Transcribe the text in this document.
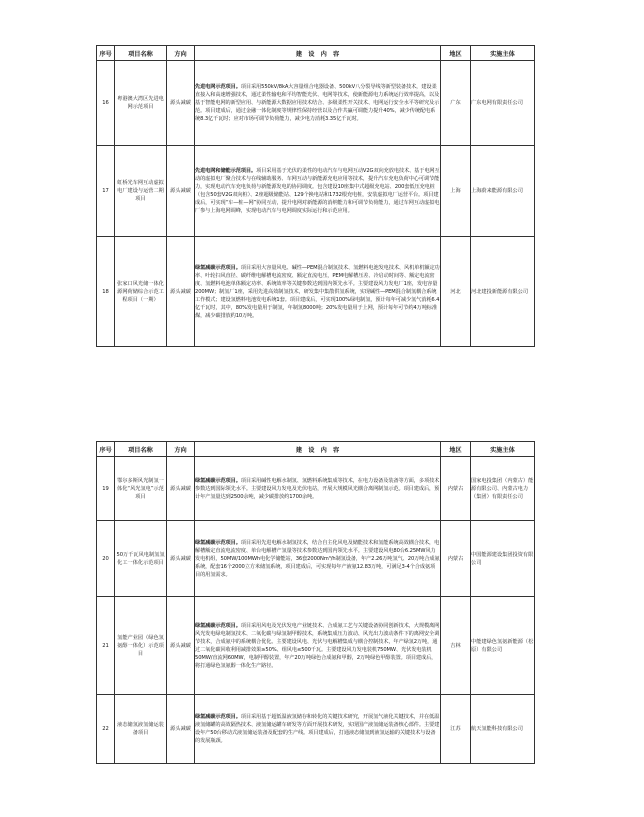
序号	项目名称	方向	建　设　内　容	地区	实施主体
16	粤港澳大湾区先进电网示范项目	源头减碳	先进电网示范项目。项目采用550kV/8kA大容量组合电器设备、500kV八分裂导线等新型装备技术，建设柔直接入和高速增强技术，通过柔性输电和平均智能光伏、电网等技术，使新能源电力系统运行效率提高，以及基于智能电网的新型应用、与新能源大数据应用技术结合、多级柔性开关技术、电网运行安全水平等研究及示范。项目建成后，通过金融一体化制度等规律性保持经营以及合作共赢可调能力提升40%，减少传统配电系统8.3亿千瓦时；应对市场可调节负荷能力，减少电力消耗3.35亿千瓦时。	广东	广东电网有限责任公司
17	虹桥光车网互动虚拟电厂建设与运营二期项目	源头减碳	先进电网和储能示范项目。项目采用基于光伏的柔性的电动汽车与电网互动V2G双向充放电技术、基于电网互动的虚拟电厂聚合技术与在线辅助服务、车网互动与新能源充电应用等技术，提升汽车充电负荷中心可调节能力，实现电动汽车充电负荷与新能源发电的协同调度。包含建设10座集中式超级充电站、200套低压充电桩（包含50套V2G双向桩）、2座超级储能站、129个换电站和1732根充电桩，安装虚拟电厂运营平台。项目建成后，可实现“车—桩—网”协同互动，提升电网对新能源的消纳能力和可调节负荷能力，通过车网互动虚拟电厂参与上海电网调峰，实现电动汽车与电网调度实际运行和示范应用。	上海	上海蔚来能源有限公司
18	张家口风光储一体化源网荷储综合示范工程项目（一期）	源头减碳	绿氢减碳示范项目。项目采用大容量风电、碱性—PEM混合制氢技术、氢燃料电池发电技术、风机单机额定功率、叶轮扫风直径、碳纤维电解槽电流密度、额定直流电压，PEM电解槽压差、冷启动时间等、额定电流密度、氢燃料电池单体额定功率、系统效率等关键参数达到国内领先水平。主要建设风力发电厂1座，发电容量200MW；制氢厂1座，采用先进高效制氢技术，研发集中集散供氢系统，实现碱性—PEM混合制氢耦合系统工作模式；建设氢燃料电池发电系统1套。项目建成后，可实现100%绿电制氢，预计每年可减少氢气消耗6.4亿千瓦时，其中，80%发电量用于制氢，年制氢8000吨；20%发电量用于上网，预计每年可节约4万吨标准煤，减少碳排放约10万吨。	河北	河北建投新能源有限公司
序号	项目名称	方向	建　设　内　容	地区	实施主体
19	鄂尔多斯风光制氢一体化“风光氢电”示范项目	源头减碳	绿氢减碳示范项目。项目采用碱性电解水制氢、氢燃料系统集成等技术，在电力设备及装备等方面，多项技术参数达到国际领先水平。主要建设风力发电及光伏电站，开展大规模风光耦合离网制氢示范。项目建成后，预计年产氢量达到2500余吨，减少碳排放约1700余吨。	内蒙古	国家电投集团（内蒙古）能源有限公司、内蒙古电力（集团）有限责任公司
20	50万千瓦风电制氢氢化工一体化示范项目	源头减碳	绿氢减碳示范项目。项目采用先进电解水制氢技术，结合自主化风电及储能技术和氢能系统高效耦合技术，电解槽额定直流电流密度、单台电解槽产氢量等技术参数达到国内领先水平。主要建设风电80台6.25MW风力发电机组，50MW/100MWh电化学储能站，36套2000Nm³/h制氢设备，年产2.26万吨氢气、20万吨合成氨系统，配套16个2000立方米储氢系统，项目建成后，可实现每年产液氨12.83万吨，可满足3-4个合成氨项目的用氢需求。	内蒙古	中国能源建设集团投资有限公司
21	氢能产业园（绿色氢氨醇一体化）示范项目	源头减碳	绿氢减碳示范项目。项目采用风电及光伏发电产业链技术、合成氨工艺与关键设备协同创新技术，大规模离网风光发电绿电制氢技术、二氧化碳与绿氢制甲醇技术，系统集成压力波动、风光出力波动条件下的离网安全调节技术，合成氨中的系统耦合优化。主要建设风电、光伏与电解槽集成与耦合控制技术，年产绿氢2万吨，通过二氧化碳回收利用减排效果≥50%、组风电≤500千瓦。主要建设风力发电装机750MW、光伏发电装机50MW/直流网60MW，电制甲醇装置，年产20万吨绿色合成氨和甲醇，2万吨绿色甲醇装置。项目建成后，将打通绿色氢氨醇一体化生产路径。	吉林	中能建绿色氢氨新能源（松原）有限公司
22	液态储氢液氢储运装备项目	源头减碳	绿氢减碳示范项目。项目采用基于超低温液氢储存和转化的关键技术研究，开展氢气液化关键技术，并在低温液氢储罐的高效隔热技术、液氢储运罐车研发等方面开展技术研发，实现国产液氢储运装备核心部件。主要建设年产50台移动式液氢储运装备及配套的生产线。项目建成后，打通液态储氢到液氢运输的关键技术与设备的发展瓶颈。	江苏	航天氢能科技有限公司
